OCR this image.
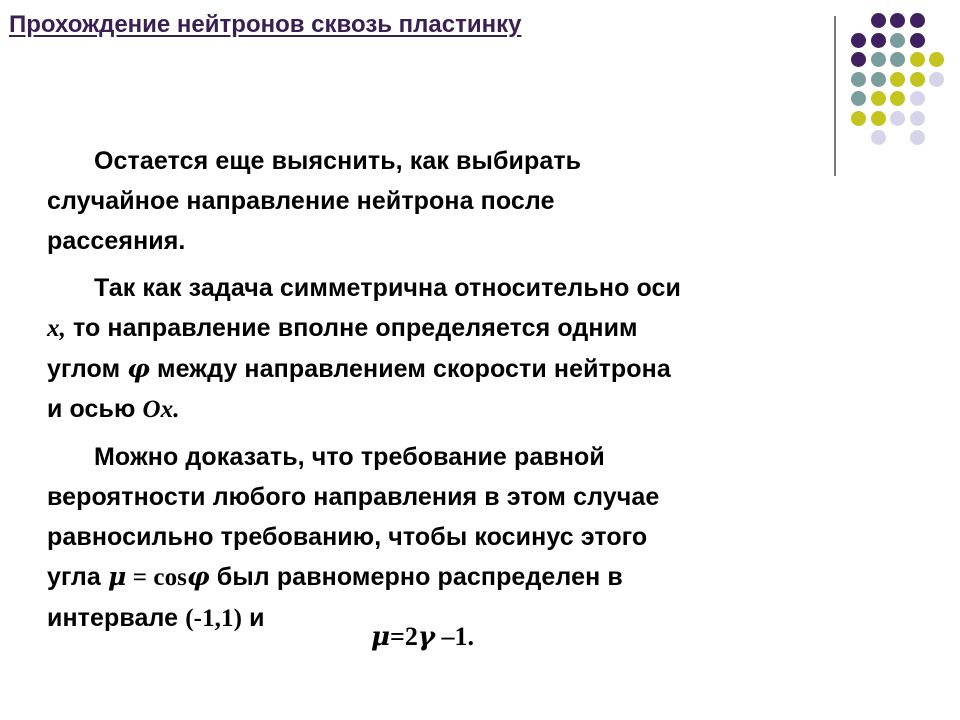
Прохождение нейтронов сквозь пластинку

Остается еще выяснить, как выбирать
случайное направление нейтрона после
рассеяния.

Так как задача симметрична относительно оси
x, то направление вполне определяется одним
углом φ между направлением скорости нейтрона
и осью Ox.

Можно доказать, что требование равной
вероятности любого направления в этом случае
равносильно требованию, чтобы косинус этого
угла μ = cosφ был равномерно распределен в
интервале (-1,1) и

μ=2γ –1.
